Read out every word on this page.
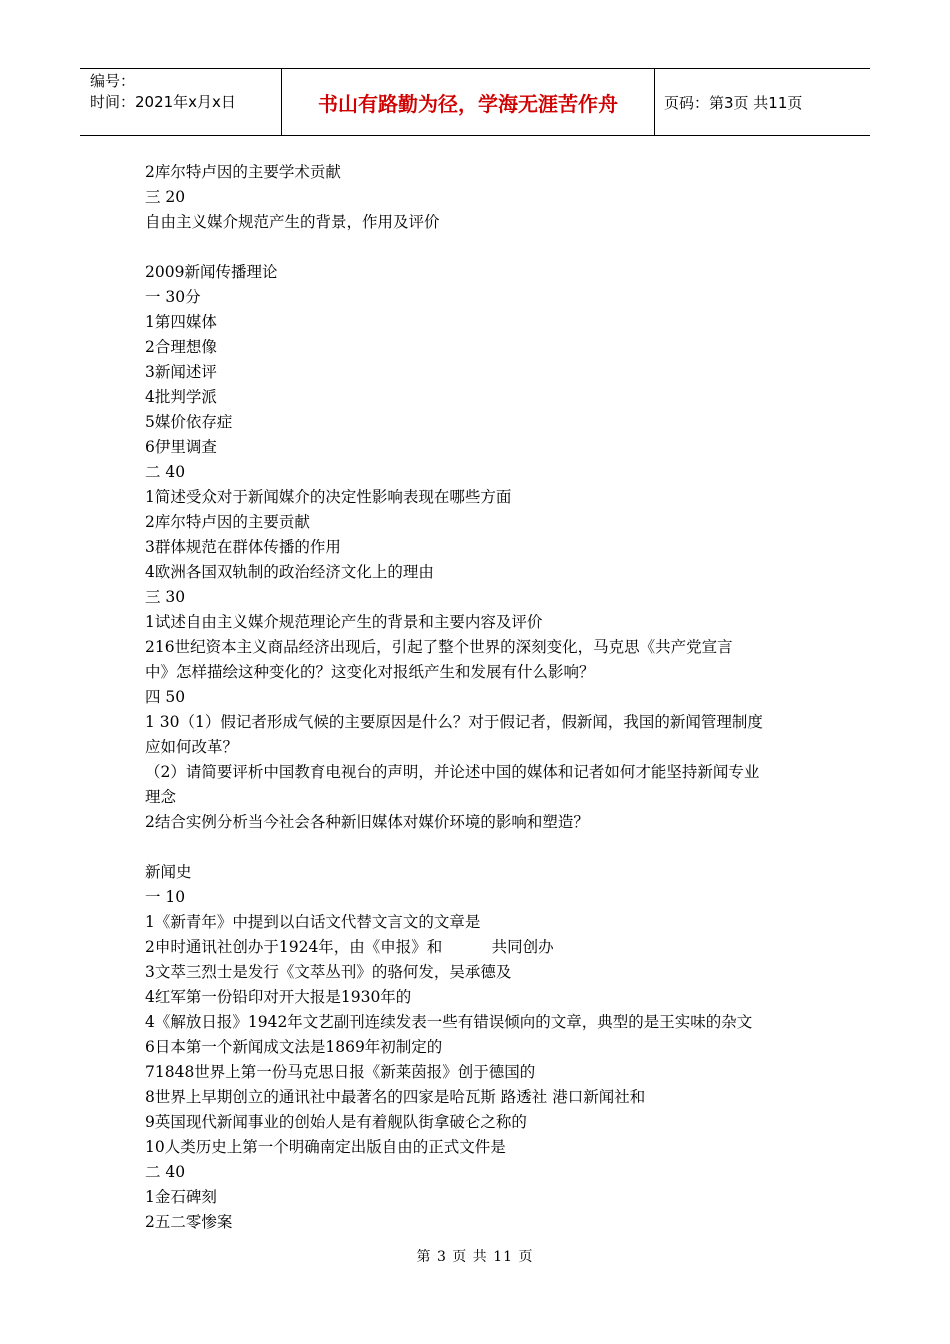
编号：
时间：2021年x月x日	书山有路勤为径，学海无涯苦作舟	页码：第3页 共11页
2库尔特卢因的主要学术贡献
三 20
自由主义媒介规范产生的背景，作用及评价
2009新闻传播理论
一 30分
1第四媒体
2合理想像
3新闻述评
4批判学派
5媒价依存症
6伊里调查
二 40
1简述受众对于新闻媒介的决定性影响表现在哪些方面
2库尔特卢因的主要贡献
3群体规范在群体传播的作用
4欧洲各国双轨制的政治经济文化上的理由
三 30
1试述自由主义媒介规范理论产生的背景和主要内容及评价
216世纪资本主义商品经济出现后，引起了整个世界的深刻变化，马克思《共产党宣言
中》怎样描绘这种变化的？这变化对报纸产生和发展有什么影响？
四 50
1 30（1）假记者形成气候的主要原因是什么？对于假记者，假新闻，我国的新闻管理制度
应如何改革？
（2）请简要评析中国教育电视台的声明，并论述中国的媒体和记者如何才能坚持新闻专业
理念
2结合实例分析当今社会各种新旧媒体对媒价环境的影响和塑造？
新闻史
一 10
1《新青年》中提到以白话文代替文言文的文章是
2申时通讯社创办于1924年，由《申报》和          共同创办
3文萃三烈士是发行《文萃丛刊》的骆何发，吴承德及
4红军第一份铅印对开大报是1930年的
4《解放日报》1942年文艺副刊连续发表一些有错误倾向的文章，典型的是王实味的杂文
6日本第一个新闻成文法是1869年初制定的
71848世界上第一份马克思日报《新莱茵报》创于德国的
8世界上早期创立的通讯社中最著名的四家是哈瓦斯 路透社 港口新闻社和
9英国现代新闻事业的创始人是有着舰队街拿破仑之称的
10人类历史上第一个明确南定出版自由的正式文件是
二 40
1金石碑刻
2五二零惨案
第 3 页 共 11 页
